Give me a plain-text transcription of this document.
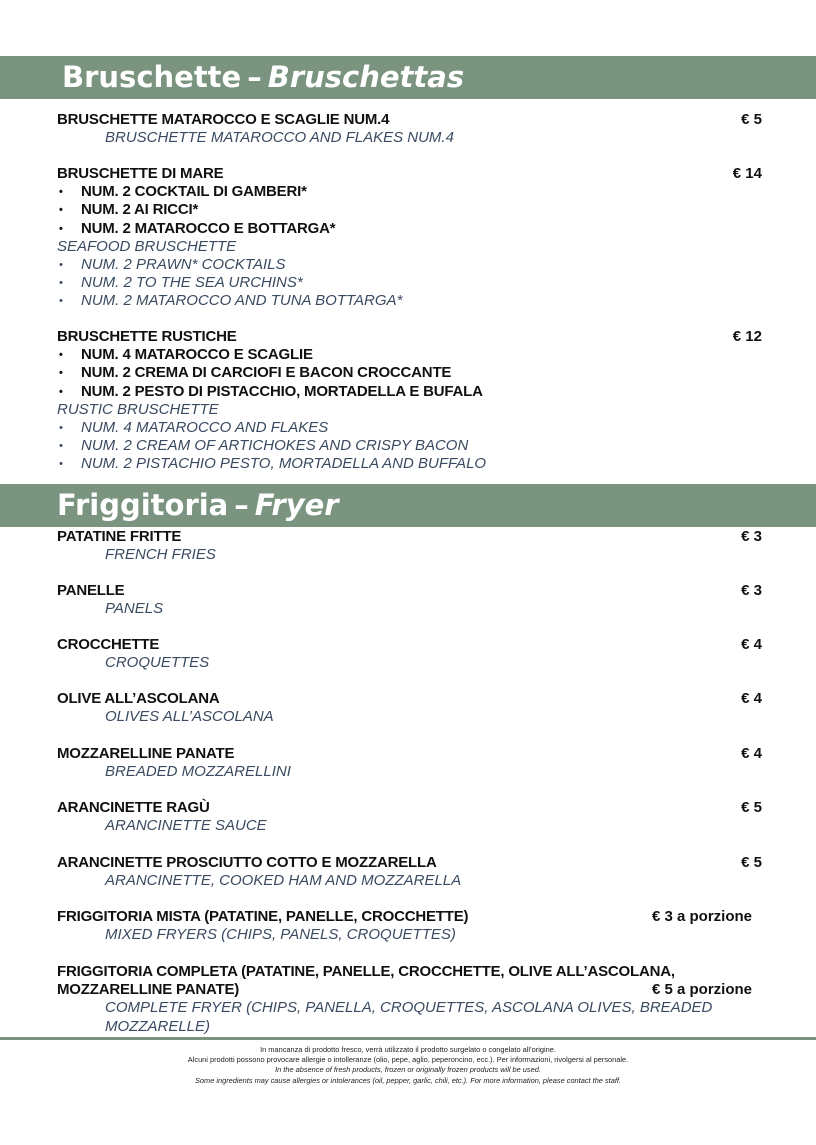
Bruschette – Bruschettas
BRUSCHETTE MATAROCCO E SCAGLIE NUM.4
BRUSCHETTE MATAROCCO AND FLAKES NUM.4
€ 5
BRUSCHETTE DI MARE
• NUM. 2 COCKTAIL DI GAMBERI*
• NUM. 2 AI RICCI*
• NUM. 2 MATAROCCO E BOTTARGA*
SEAFOOD BRUSCHETTE
• NUM. 2 PRAWN* COCKTAILS
• NUM. 2 TO THE SEA URCHINS*
• NUM. 2 MATAROCCO AND TUNA BOTTARGA*
€ 14
BRUSCHETTE RUSTICHE
• NUM. 4 MATAROCCO E SCAGLIE
• NUM. 2 CREMA DI CARCIOFI E BACON CROCCANTE
• NUM. 2 PESTO DI PISTACCHIO, MORTADELLA E BUFALA
RUSTIC BRUSCHETTE
• NUM. 4 MATAROCCO AND FLAKES
• NUM. 2 CREAM OF ARTICHOKES AND CRISPY BACON
• NUM. 2 PISTACHIO PESTO, MORTADELLA AND BUFFALO
€ 12
Friggitoria – Fryer
PATATINE FRITTE
FRENCH FRIES
€ 3
PANELLE
PANELS
€ 3
CROCCHETTE
CROQUETTES
€ 4
OLIVE ALL’ASCOLANA
OLIVES ALL’ASCOLANA
€ 4
MOZZARELLINE PANATE
BREADED MOZZARELLINI
€ 4
ARANCINETTE RAGÙ
ARANCINETTE SAUCE
€ 5
ARANCINETTE PROSCIUTTO COTTO E MOZZARELLA
ARANCINETTE, COOKED HAM AND MOZZARELLA
€ 5
FRIGGITORIA MISTA (PATATINE, PANELLE, CROCCHETTE)
MIXED FRYERS (CHIPS, PANELS, CROQUETTES)
€ 3 a porzione
FRIGGITORIA COMPLETA (PATATINE, PANELLE, CROCCHETTE, OLIVE ALL’ASCOLANA,
MOZZARELLINE PANATE)
COMPLETE FRYER (CHIPS, PANELLA, CROQUETTES, ASCOLANA OLIVES, BREADED
MOZZARELLE)
€ 5 a porzione
In mancanza di prodotto fresco, verrà utilizzato il prodotto surgelato o congelato all’origine.
Alcuni prodotti possono provocare allergie o intolleranze (olio, pepe, aglio, peperoncino, ecc.). Per informazioni, rivolgersi al personale.
In the absence of fresh products, frozen or originally frozen products will be used.
Some ingredients may cause allergies or intolerances (oil, pepper, garlic, chili, etc.). For more information, please contact the staff.
